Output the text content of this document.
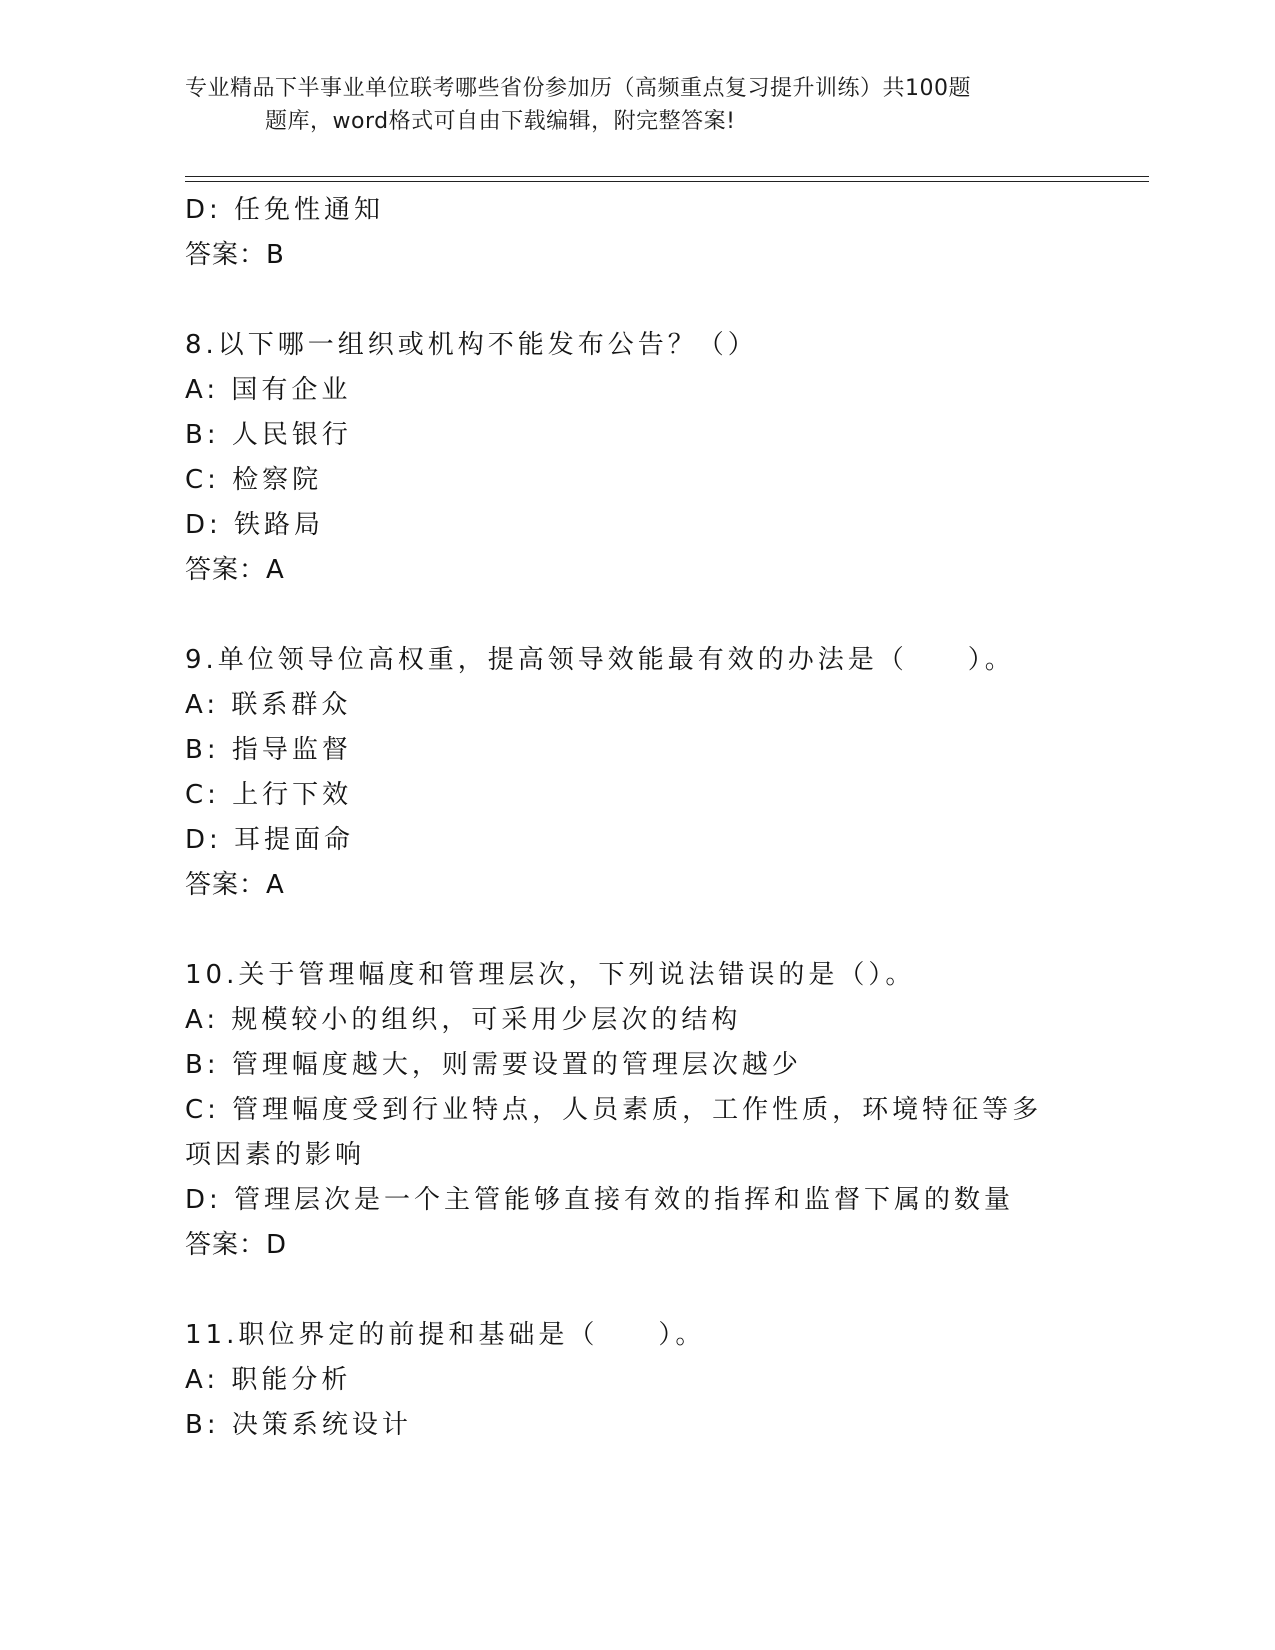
专业精品下半事业单位联考哪些省份参加历（高频重点复习提升训练）共100题
题库，word格式可自由下载编辑，附完整答案!
D: 任免性通知
答案：B
8.以下哪一组织或机构不能发布公告？（）
A: 国有企业
B: 人民银行
C: 检察院
D: 铁路局
答案：A
9.单位领导位高权重，提高领导效能最有效的办法是（　　）。
A: 联系群众
B: 指导监督
C: 上行下效
D: 耳提面命
答案：A
10.关于管理幅度和管理层次，下列说法错误的是（）。
A: 规模较小的组织，可采用少层次的结构
B: 管理幅度越大，则需要设置的管理层次越少
C: 管理幅度受到行业特点，人员素质，工作性质，环境特征等多项因素的影响
D: 管理层次是一个主管能够直接有效的指挥和监督下属的数量
答案：D
11.职位界定的前提和基础是（　　）。
A: 职能分析
B: 决策系统设计
